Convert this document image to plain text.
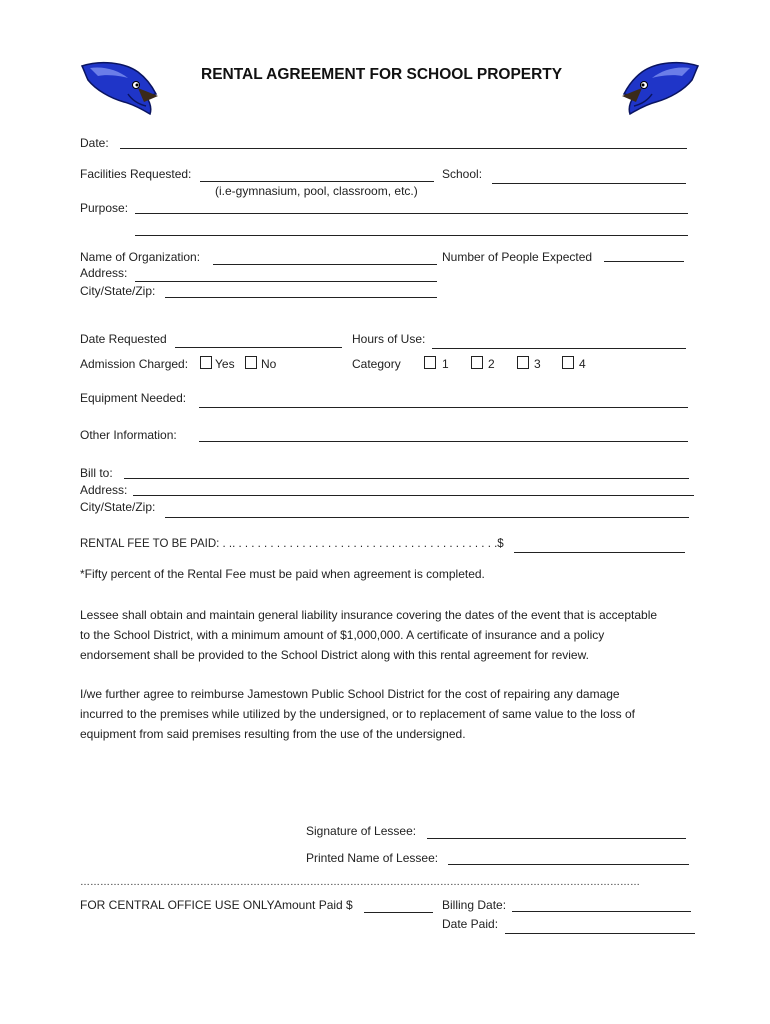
RENTAL AGREEMENT FOR SCHOOL PROPERTY
Date:
Facilities Requested:	School:
(i.e-gymnasium, pool, classroom, etc.)
Purpose:
Name of Organization:	Number of People Expected
Address:
City/State/Zip:
Date Requested	Hours of Use:
Admission Charged: Yes No	Category	1	2	3	4
Equipment Needed:
Other Information:
Bill to:
Address:
City/State/Zip:
RENTAL FEE TO BE PAID: . .. . . . . . . . . . . . . . . . . . . . . . . . . . . . . . . . . . . . . . . . . .$
*Fifty percent of the Rental Fee must be paid when agreement is completed.
Lessee shall obtain and maintain general liability insurance covering the dates of the event that is acceptable
to the School District, with a minimum amount of $1,000,000. A certificate of insurance and a policy
endorsement shall be provided to the School District along with this rental agreement for review.
I/we further agree to reimburse Jamestown Public School District for the cost of repairing any damage
incurred to the premises while utilized by the undersigned, or to replacement of same value to the loss of
equipment from said premises resulting from the use of the undersigned.
Signature of Lessee:
Printed Name of Lessee:
……………………………………………………………………………………………………………………………………………………
FOR CENTRAL OFFICE USE ONLY Amount Paid $	Billing Date:
Date Paid:
